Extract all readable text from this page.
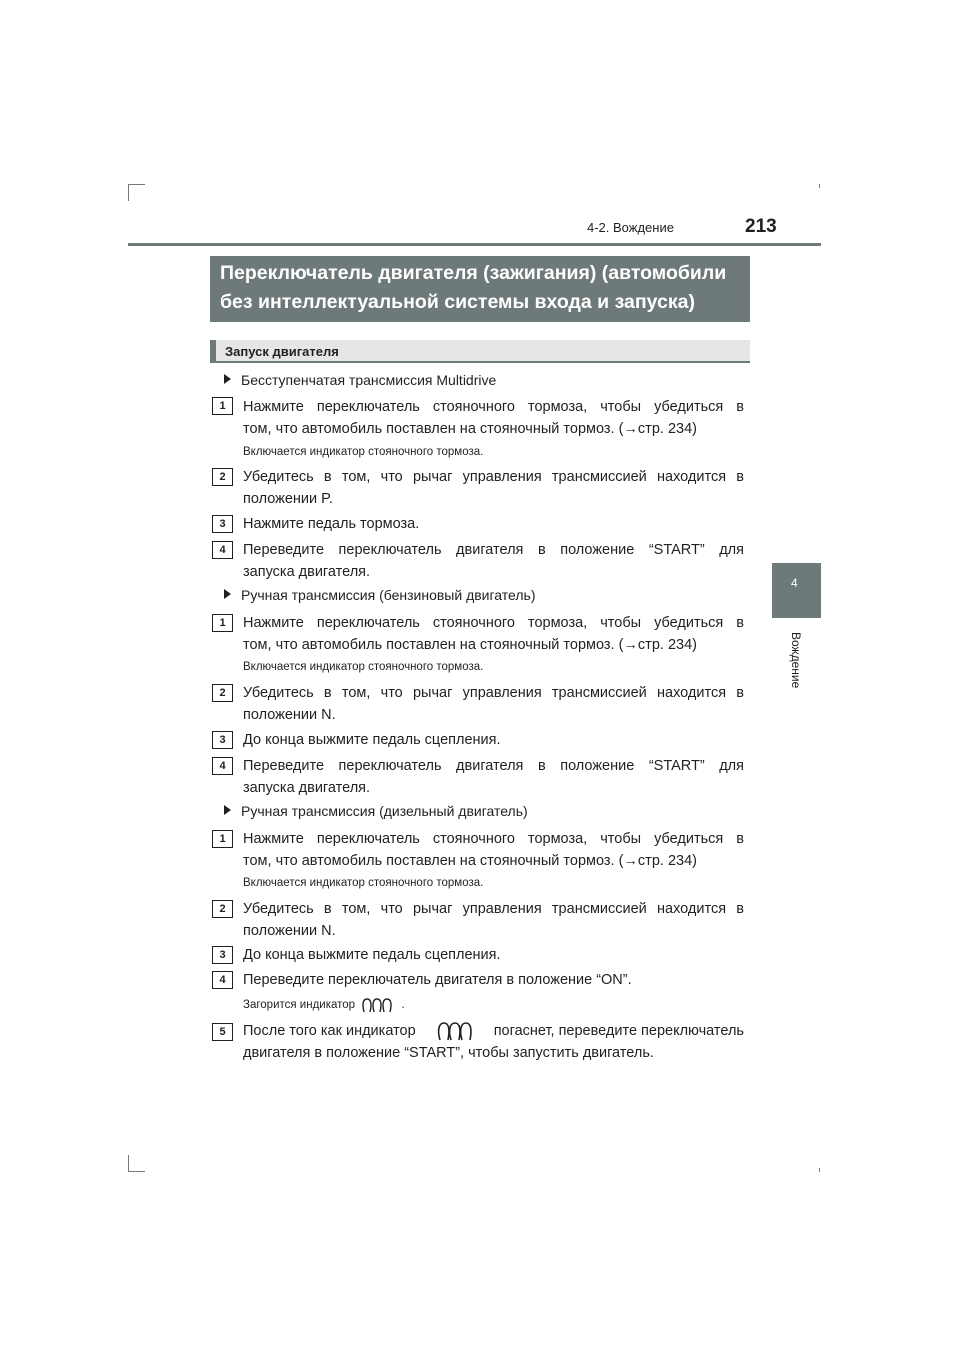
4-2. Вождение	213
4
Вождение
Переключатель двигателя (зажигания) (автомобили
без интеллектуальной системы входа и запуска)
Запуск двигателя
Бесступенчатая трансмиссия Multidrive
1	Нажмите переключатель стояночного тормоза, чтобы убедиться в
том, что автомобиль поставлен на стояночный тормоз. (→стр. 234)
Включается индикатор стояночного тормоза.
2	Убедитесь в том, что рычаг управления трансмиссией находится в
положении P.
3	Нажмите педаль тормоза.
4	Переведите переключатель двигателя в положение “START” для
запуска двигателя.
Ручная трансмиссия (бензиновый двигатель)
1	Нажмите переключатель стояночного тормоза, чтобы убедиться в
том, что автомобиль поставлен на стояночный тормоз. (→стр. 234)
Включается индикатор стояночного тормоза.
2	Убедитесь в том, что рычаг управления трансмиссией находится в
положении N.
3	До конца выжмите педаль сцепления.
4	Переведите переключатель двигателя в положение “START” для
запуска двигателя.
Ручная трансмиссия (дизельный двигатель)
1	Нажмите переключатель стояночного тормоза, чтобы убедиться в
том, что автомобиль поставлен на стояночный тормоз. (→стр. 234)
Включается индикатор стояночного тормоза.
2	Убедитесь в том, что рычаг управления трансмиссией находится в
положении N.
3	До конца выжмите педаль сцепления.
4	Переведите переключатель двигателя в положение “ON”.
Загорится индикатор	.
5	После того как индикатор	погаснет, переведите переключатель
двигателя в положение “START”, чтобы запустить двигатель.
